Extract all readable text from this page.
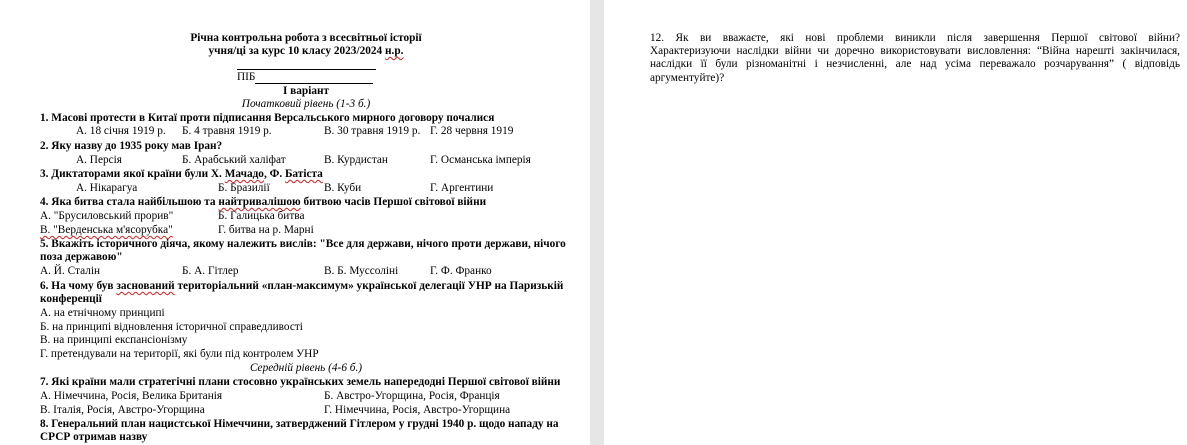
Річна контрольна робота з всесвітньої історії
учня/ці за курс 10 класу 2023/2024 н.р.
ПІБ
І варіант
Початковий рівень (1-3 б.)
1. Масові протести в Китаї проти підписання Версальського мирного договору почалися
А. 18 січня 1919 р. Б. 4 травня 1919 р.	В. 30 травня 1919 р. Г. 28 червня 1919
2. Яку назву до 1935 року мав Іран?
А. Персія	Б. Арабський халіфат	В. Курдистан	Г. Османська імперія
3. Диктаторами якої країни були Х. Мачадо, Ф. Батіста
А. Нікарагуа	Б. Бразилії	В. Куби	Г. Аргентини
4. Яка битва стала найбільшою та найтривалішою битвою часів Першої світової війни
А. "Брусиловський прорив"	Б. Галицька битва
В. "Верденська м'ясорубка"	Г. битва на р. Марні
5. Вкажіть історичного діяча, якому належить вислів: "Все для держави, нічого проти держави, нічого
поза державою"
А. Й. Сталін	Б. А. Гітлер	В. Б. Муссоліні	Г. Ф. Франко
6. На чому був заснований територіальний «план-максимум» української делегації УНР на Паризькій
конференції
А. на етнічному принципі
Б. на принципі відновлення історичної справедливості
В. на принципі експансіонізму
Г. претендували на території, які були під контролем УНР
Середній рівень (4-6 б.)
7. Які країни мали стратегічні плани стосовно українських земель напередодні Першої світової війни
А. Німеччина, Росія, Велика Британія	Б. Австро-Угорщина, Росія, Франція
В. Італія, Росія, Австро-Угорщина	Г. Німеччина, Росія, Австро-Угорщина
8. Генеральний план нацистської Німеччини, затверджений Гітлером у грудні 1940 р. щодо нападу на
СРСР отримав назву
12. Як ви вважаєте, які нові проблеми виникли після завершення Першої світової війни?
Характеризуючи наслідки війни чи доречно використовувати висловлення: “Війна нарешті закінчилася,
наслідки її були різноманітні і незчисленні, але над усіма переважало розчарування” ( відповідь
аргументуйте)?
